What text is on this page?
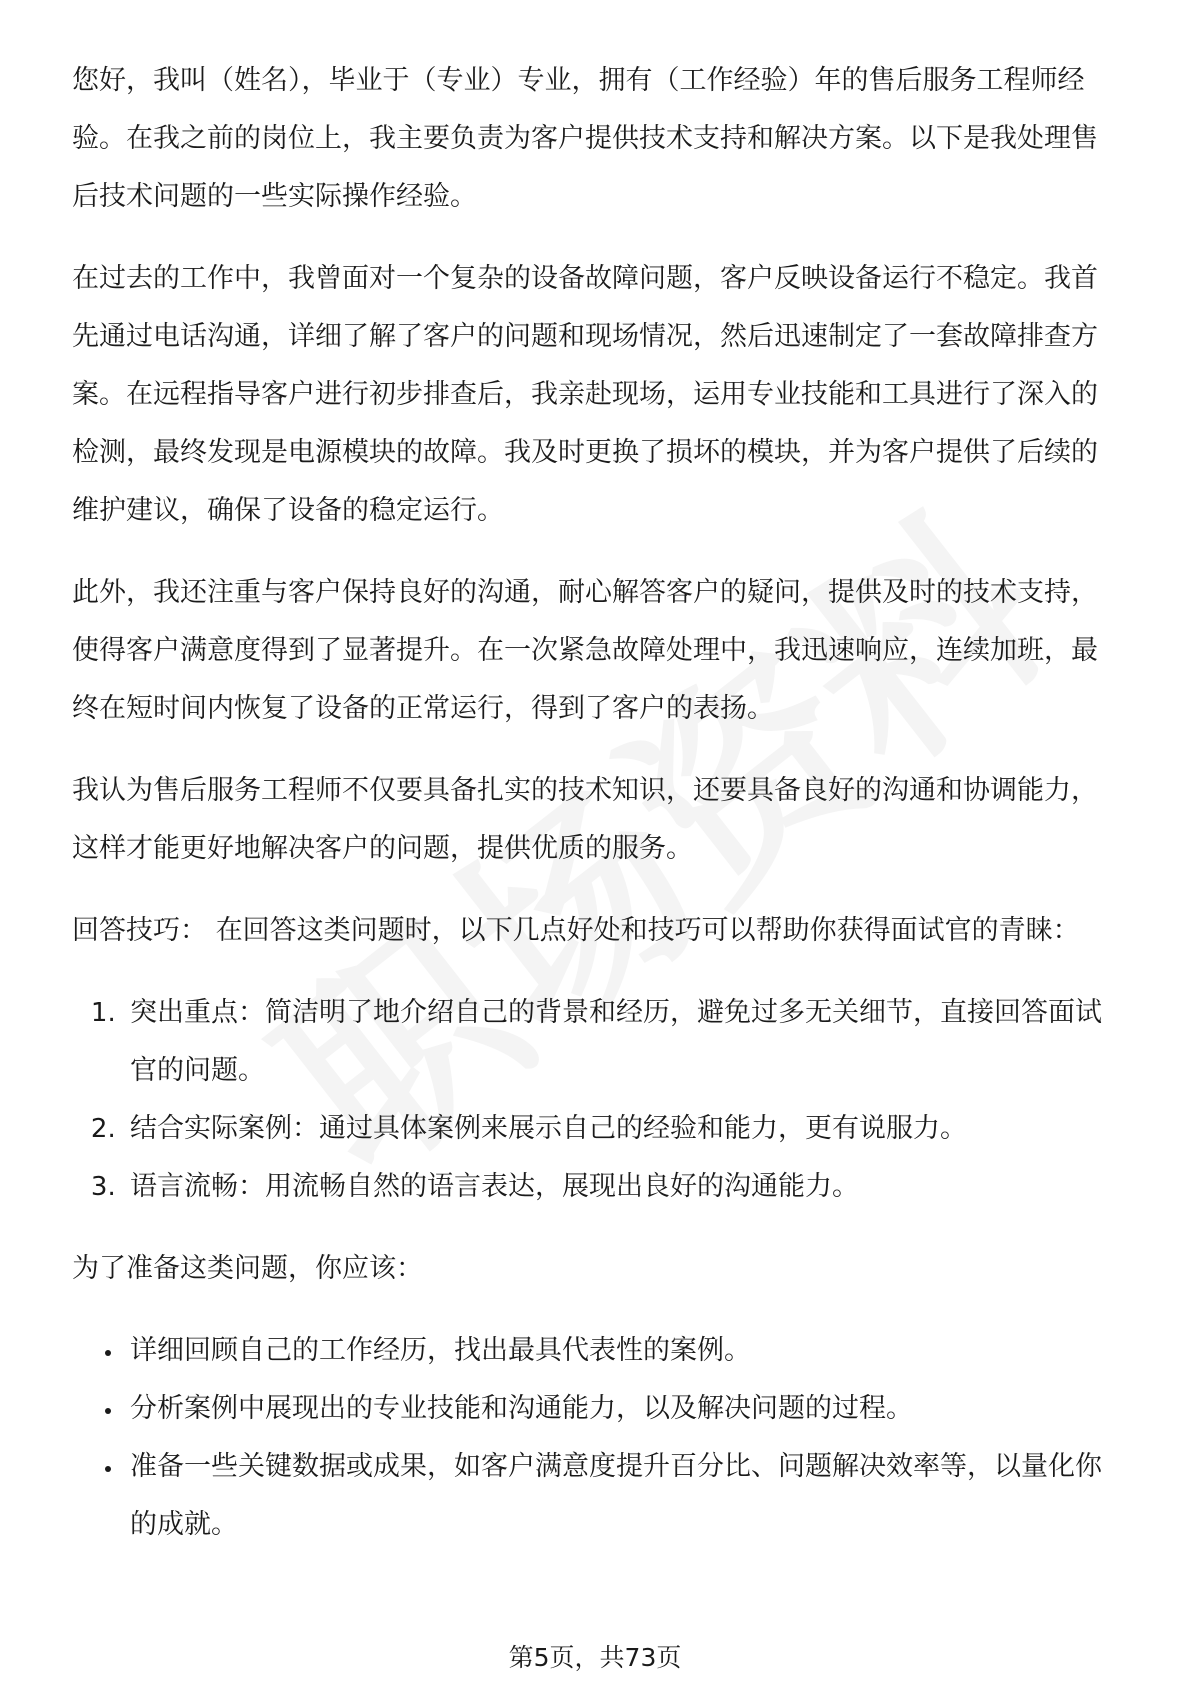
您好，我叫（姓名），毕业于（专业）专业，拥有（工作经验）年的售后服务工程师经验。在我之前的岗位上，我主要负责为客户提供技术支持和解决方案。以下是我处理售后技术问题的一些实际操作经验。

在过去的工作中，我曾面对一个复杂的设备故障问题，客户反映设备运行不稳定。我首先通过电话沟通，详细了解了客户的问题和现场情况，然后迅速制定了一套故障排查方案。在远程指导客户进行初步排查后，我亲赴现场，运用专业技能和工具进行了深入的检测，最终发现是电源模块的故障。我及时更换了损坏的模块，并为客户提供了后续的维护建议，确保了设备的稳定运行。

此外，我还注重与客户保持良好的沟通，耐心解答客户的疑问，提供及时的技术支持，使得客户满意度得到了显著提升。在一次紧急故障处理中，我迅速响应，连续加班，最终在短时间内恢复了设备的正常运行，得到了客户的表扬。

我认为售后服务工程师不仅要具备扎实的技术知识，还要具备良好的沟通和协调能力，这样才能更好地解决客户的问题，提供优质的服务。

回答技巧： 在回答这类问题时，以下几点好处和技巧可以帮助你获得面试官的青睐：

1. 突出重点：简洁明了地介绍自己的背景和经历，避免过多无关细节，直接回答面试官的问题。
2. 结合实际案例：通过具体案例来展示自己的经验和能力，更有说服力。
3. 语言流畅：用流畅自然的语言表达，展现出良好的沟通能力。

为了准备这类问题，你应该：

• 详细回顾自己的工作经历，找出最具代表性的案例。
• 分析案例中展现出的专业技能和沟通能力，以及解决问题的过程。
• 准备一些关键数据或成果，如客户满意度提升百分比、问题解决效率等，以量化你的成就。
第5页，共73页
